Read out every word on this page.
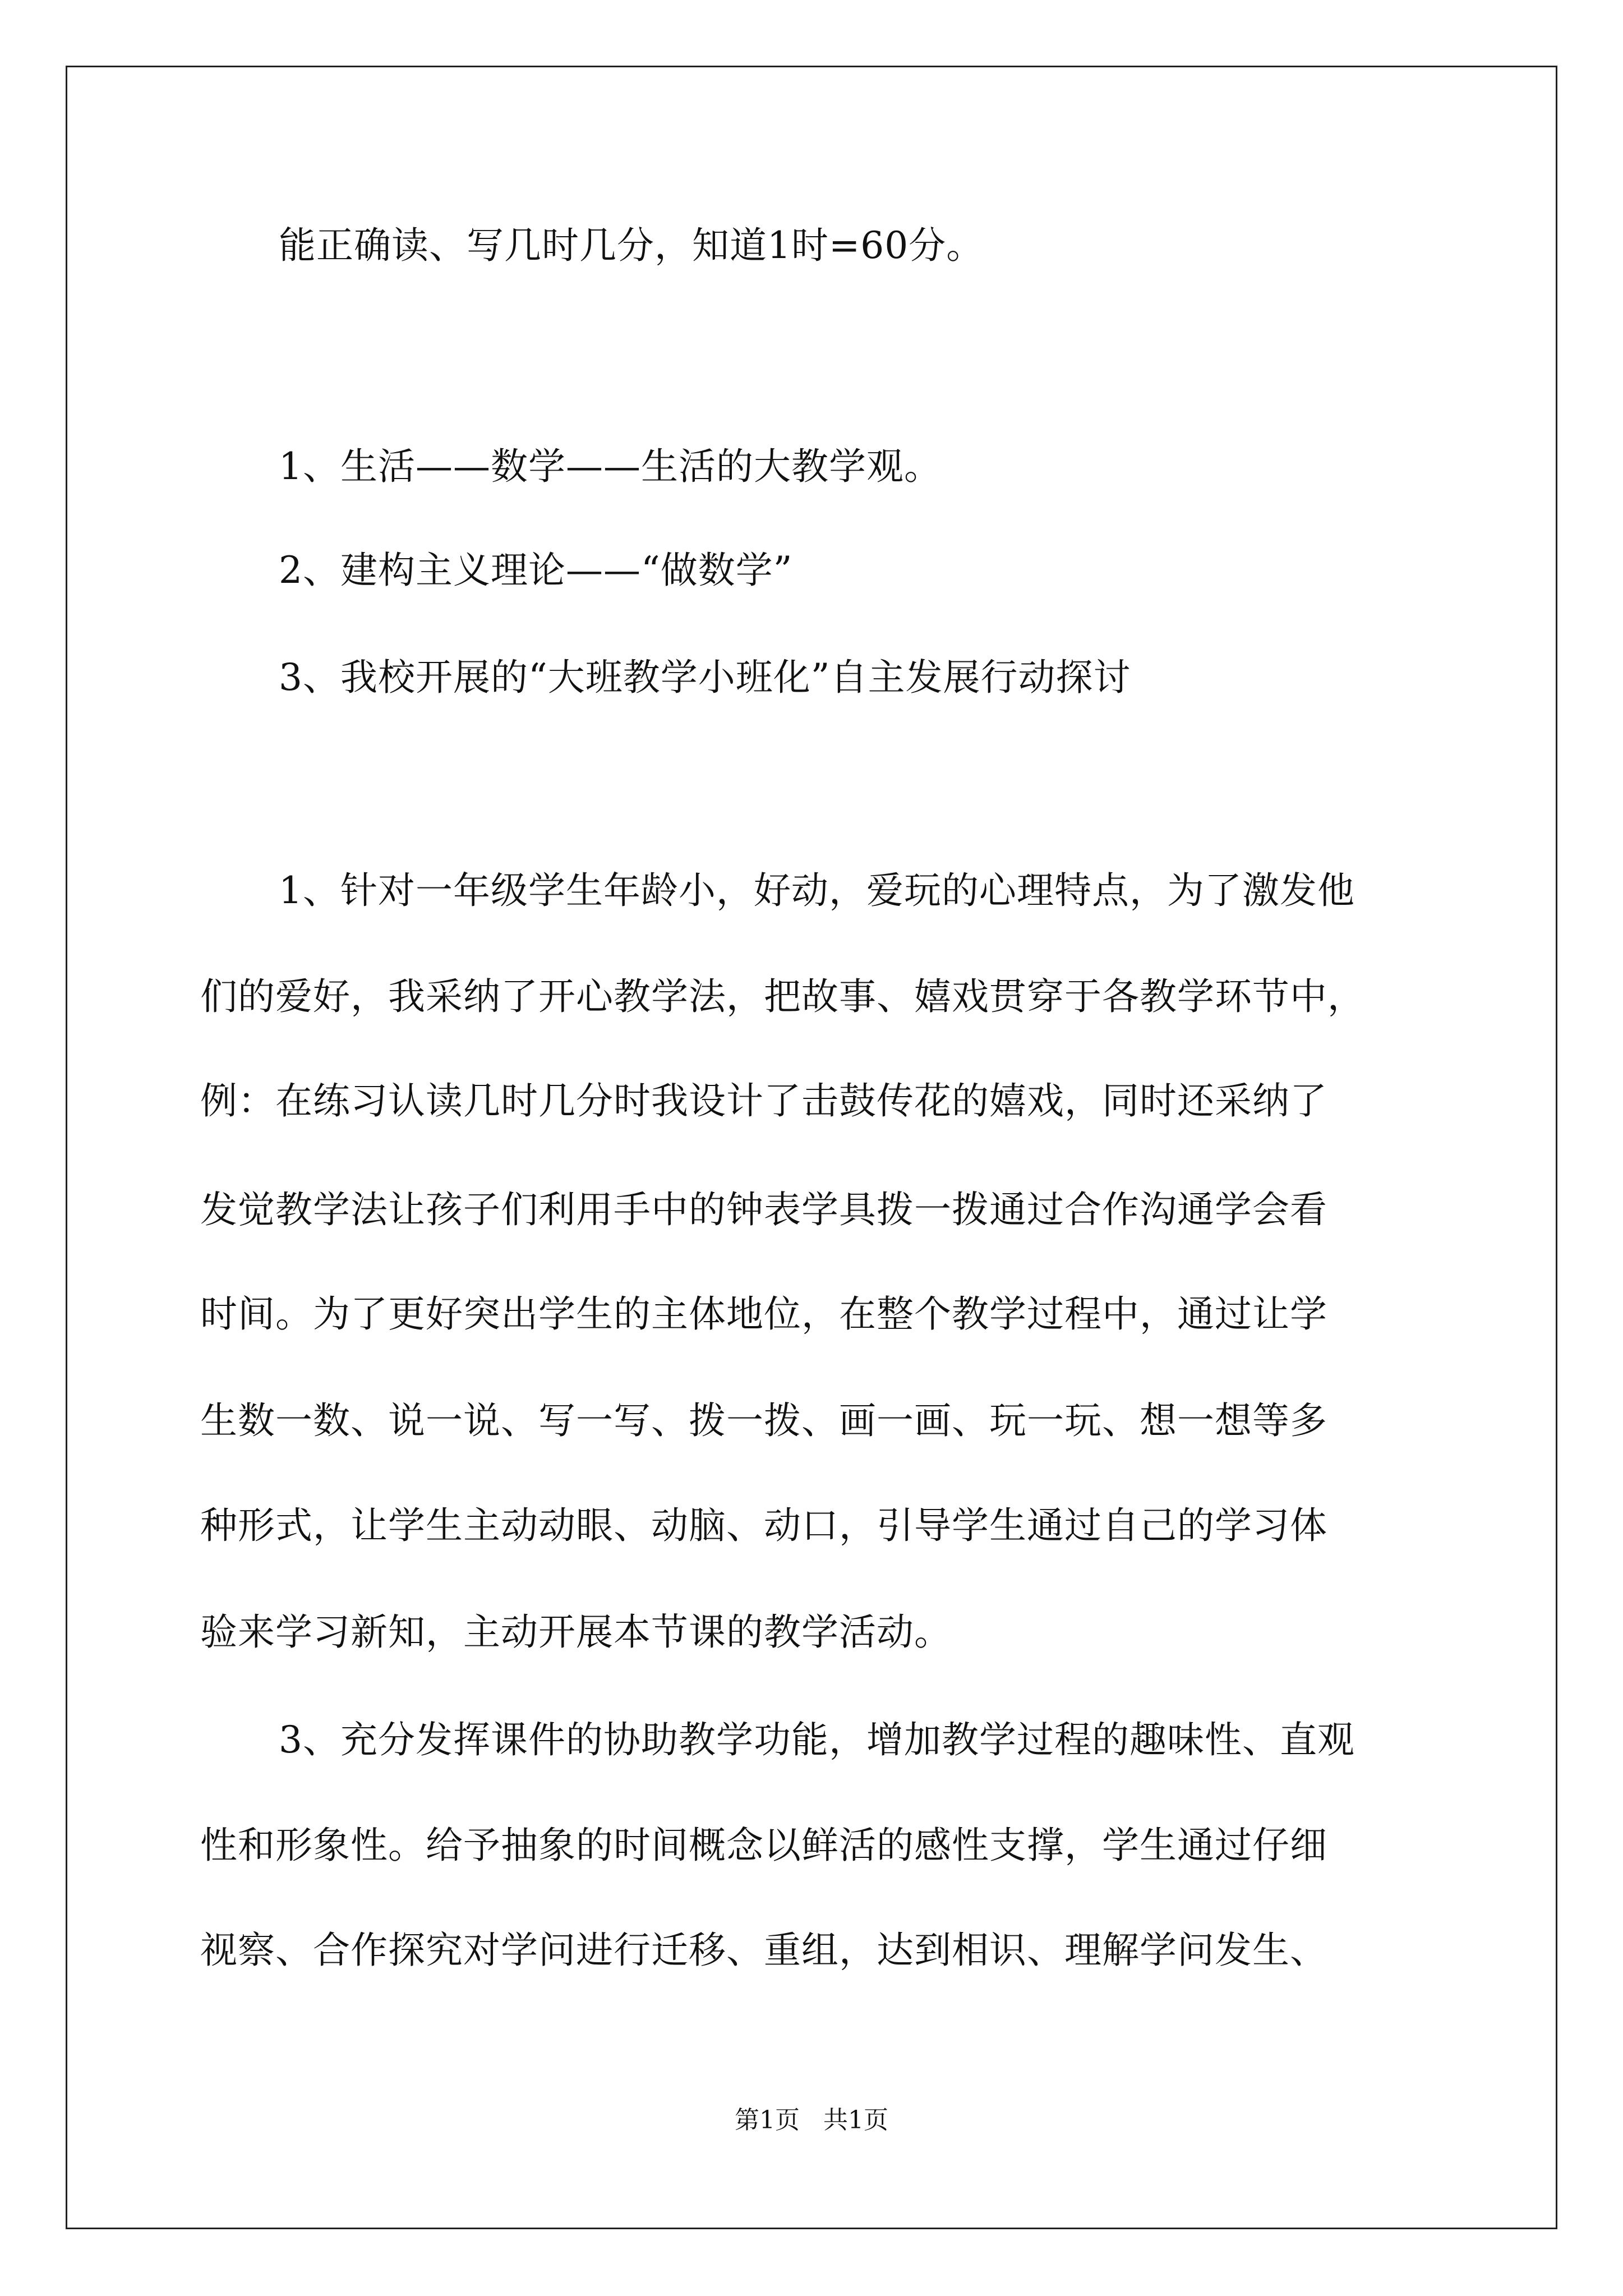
能正确读、写几时几分，知道1时=60分。
1、生活——数学——生活的大教学观。
2、建构主义理论——“做数学”
3、我校开展的“大班教学小班化”自主发展行动探讨
1、针对一年级学生年龄小，好动，爱玩的心理特点，为了激发他
们的爱好，我采纳了开心教学法，把故事、嬉戏贯穿于各教学环节中，
例：在练习认读几时几分时我设计了击鼓传花的嬉戏，同时还采纳了
发觉教学法让孩子们利用手中的钟表学具拨一拨通过合作沟通学会看
时间。为了更好突出学生的主体地位，在整个教学过程中，通过让学
生数一数、说一说、写一写、拨一拨、画一画、玩一玩、想一想等多
种形式，让学生主动动眼、动脑、动口，引导学生通过自己的学习体
验来学习新知，主动开展本节课的教学活动。
3、充分发挥课件的协助教学功能，增加教学过程的趣味性、直观
性和形象性。给予抽象的时间概念以鲜活的感性支撑，学生通过仔细
视察、合作探究对学问进行迁移、重组，达到相识、理解学问发生、
第1页   共1页
